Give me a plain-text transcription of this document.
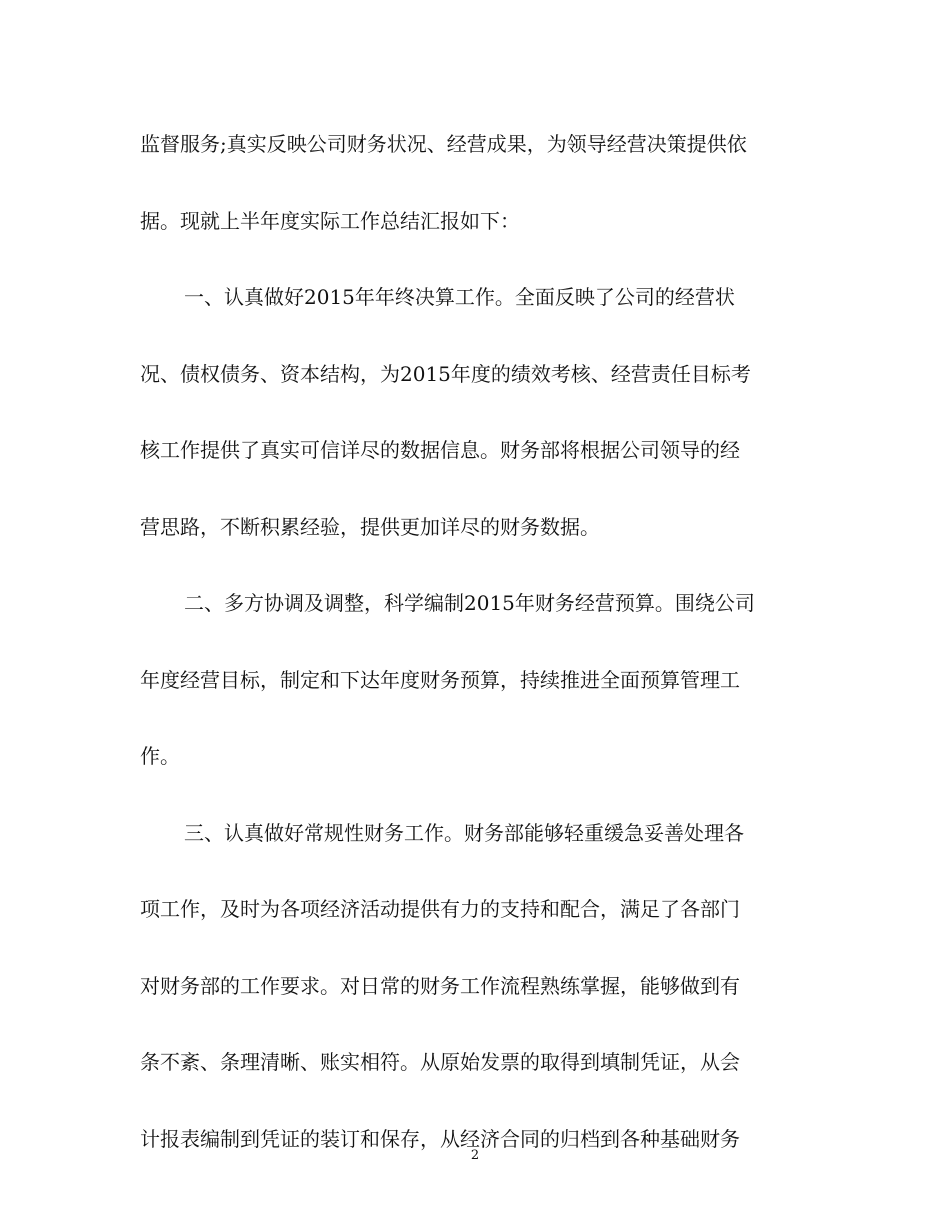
监督服务;真实反映公司财务状况、经营成果，为领导经营决策提供依
据。现就上半年度实际工作总结汇报如下：
一、认真做好2015年年终决算工作。全面反映了公司的经营状
况、债权债务、资本结构，为2015年度的绩效考核、经营责任目标考
核工作提供了真实可信详尽的数据信息。财务部将根据公司领导的经
营思路，不断积累经验，提供更加详尽的财务数据。
二、多方协调及调整，科学编制2015年财务经营预算。围绕公司
年度经营目标，制定和下达年度财务预算，持续推进全面预算管理工
作。
三、认真做好常规性财务工作。财务部能够轻重缓急妥善处理各
项工作，及时为各项经济活动提供有力的支持和配合，满足了各部门
对财务部的工作要求。对日常的财务工作流程熟练掌握，能够做到有
条不紊、条理清晰、账实相符。从原始发票的取得到填制凭证，从会
计报表编制到凭证的装订和保存，从经济合同的归档到各种基础财务
2
